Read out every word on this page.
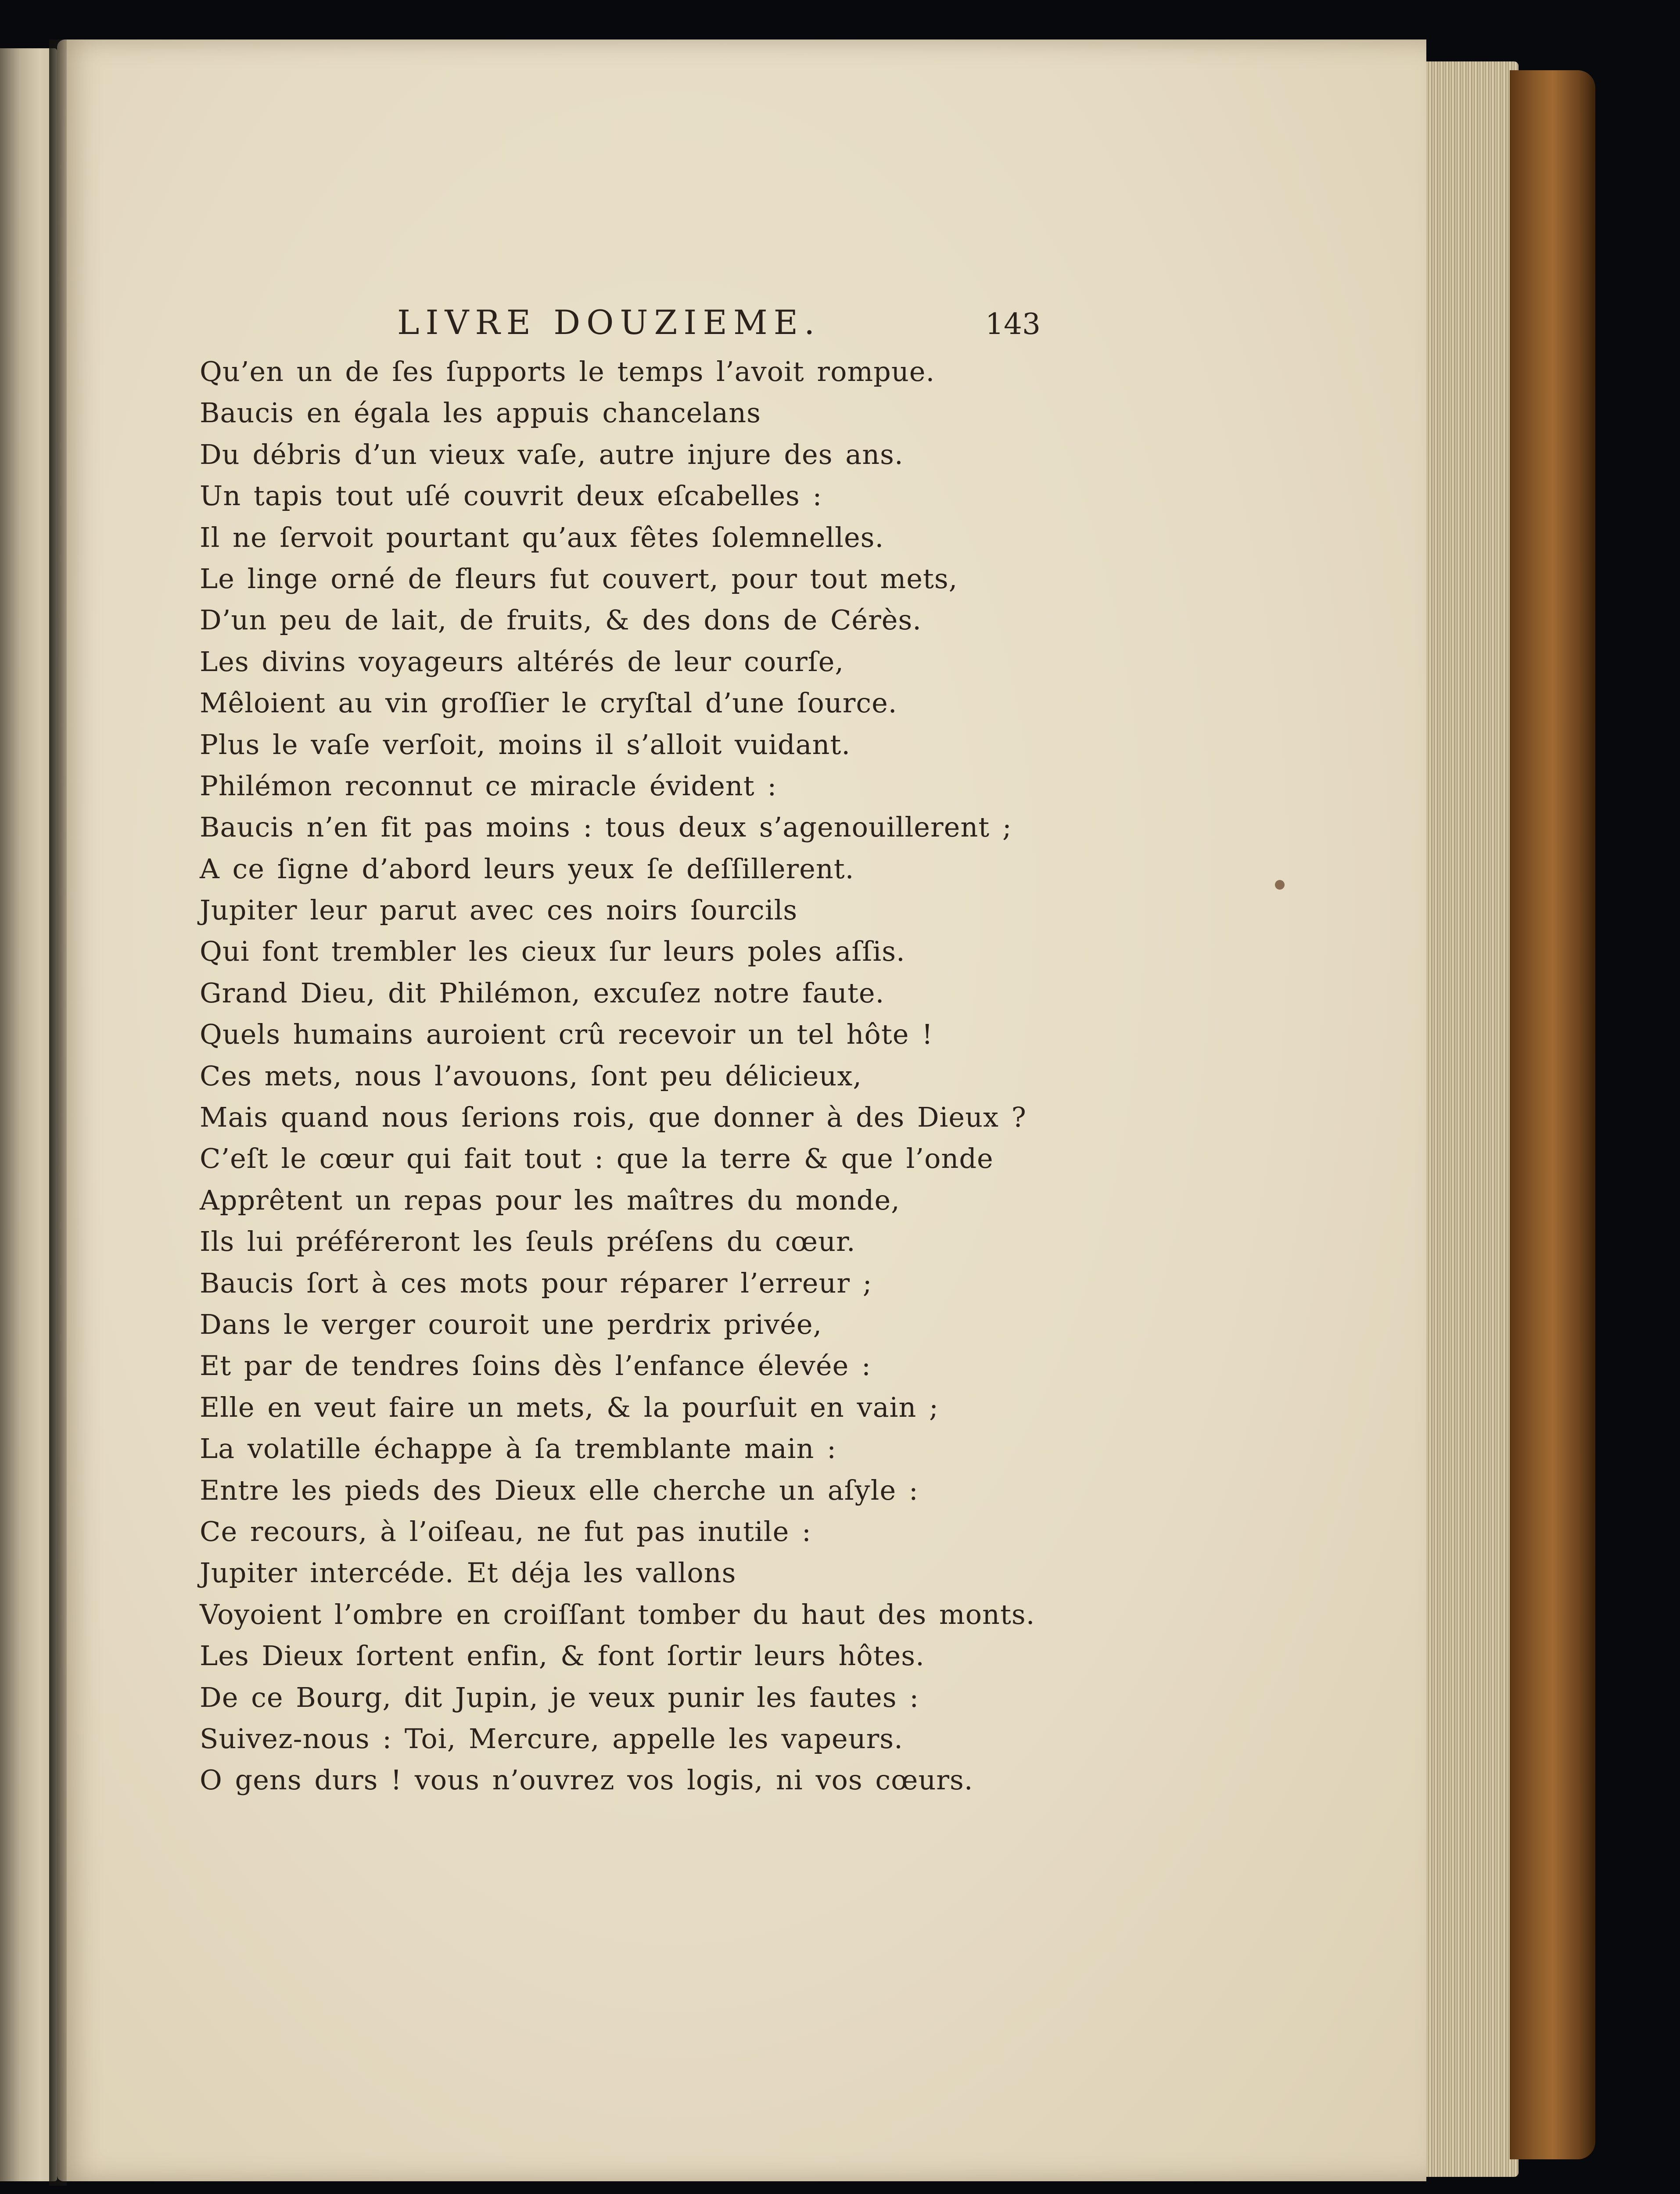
LIVRE DOUZIEME.	143
Qu’en un de ſes ſupports le temps l’avoit rompue.
Baucis en égala les appuis chancelans
Du débris d’un vieux vaſe, autre injure des ans.
Un tapis tout uſé couvrit deux eſcabelles :
Il ne ſervoit pourtant qu’aux fêtes ſolemnelles.
Le linge orné de fleurs fut couvert, pour tout mets,
D’un peu de lait, de fruits, & des dons de Cérès.
Les divins voyageurs altérés de leur courſe,
Mêloient au vin groſſier le cryſtal d’une ſource.
Plus le vaſe verſoit, moins il s’alloit vuidant.
Philémon reconnut ce miracle évident :
Baucis n’en fit pas moins : tous deux s’agenouillerent ;
A ce ſigne d’abord leurs yeux ſe deſſillerent.
Jupiter leur parut avec ces noirs ſourcils
Qui font trembler les cieux ſur leurs poles aſſis.
Grand Dieu, dit Philémon, excuſez notre faute.
Quels humains auroient crû recevoir un tel hôte !
Ces mets, nous l’avouons, ſont peu délicieux,
Mais quand nous ſerions rois, que donner à des Dieux ?
C’eſt le cœur qui fait tout : que la terre & que l’onde
Apprêtent un repas pour les maîtres du monde,
Ils lui préféreront les ſeuls préſens du cœur.
Baucis ſort à ces mots pour réparer l’erreur ;
Dans le verger couroit une perdrix privée,
Et par de tendres ſoins dès l’enfance élevée :
Elle en veut faire un mets, & la pourſuit en vain ;
La volatille échappe à ſa tremblante main :
Entre les pieds des Dieux elle cherche un aſyle :
Ce recours, à l’oiſeau, ne fut pas inutile :
Jupiter intercéde. Et déja les vallons
Voyoient l’ombre en croiſſant tomber du haut des monts.
Les Dieux ſortent enfin, & font ſortir leurs hôtes.
De ce Bourg, dit Jupin, je veux punir les fautes :
Suivez-nous : Toi, Mercure, appelle les vapeurs.
O gens durs ! vous n’ouvrez vos logis, ni vos cœurs.
